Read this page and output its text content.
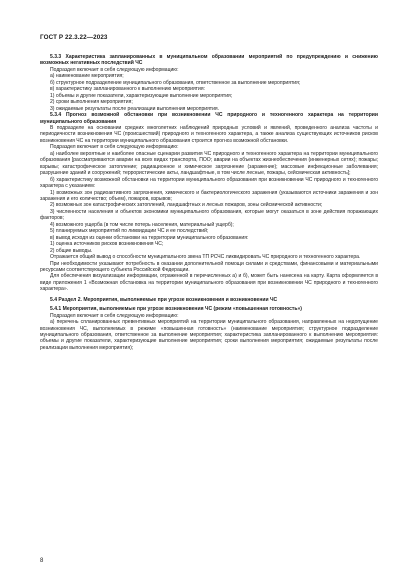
ГОСТ Р 22.3.22—2023

5.3.3 Характеристика запланированных в муниципальном образовании мероприятий по предупреждению и снижению возможных негативных последствий ЧС

Подраздел включает в себя следующую информацию:

а) наименование мероприятия;

б) структурное подразделение муниципального образования, ответственное за выполнение мероприятия;

в) характеристику запланированного к выполнению мероприятия:

1) объемы и другие показатели, характеризующие выполнение мероприятия;

2) сроки выполнения мероприятия;

3) ожидаемые результаты после реализации выполнения мероприятия.

5.3.4 Прогноз возможной обстановки при возникновении ЧС природного и техногенного характера на территории муниципального образования

В подразделе на основании средних многолетних наблюдений природных условий и явлений, проведенного анализа частоты и периодичности возникновения ЧС (происшествий) природного и техногенного характера, а также анализа существующих источников рисков возникновения ЧС на территории муниципального образования строится прогноз возможной обстановки.

Подраздел включает в себя следующую информацию:

а) наиболее вероятные и наиболее опасные сценарии развития ЧС природного и техногенного характера на территории муниципального образования [рассматриваются аварии на всех видах транспорта, ПОО; аварии на объектах жизнеобеспечения (инженерных сетях); пожары; взрывы; катастрофическое затопление; радиационное и химическое загрязнение (заражение); массовые инфекционные заболевания; разрушение зданий и сооружений; террористические акты, ландшафтные, в том числе лесные, пожары, сейсмическая активность];

б) характеристику возможной обстановки на территории муниципального образования при возникновении ЧС природного и техногенного характера с указанием:

1) возможных зон радиоактивного загрязнения, химического и бактериологического заражения (указываются источники заражения и зон заражения и его количество; объем), пожаров, взрывов;

2) возможных зон катастрофических затоплений, ландшафтных и лесных пожаров, зоны сейсмической активности;

3) численности населения и объектов экономики муниципального образования, которые могут оказаться в зоне действия поражающих факторов;

4) возможного ущерба (в том числе потерь населения, материальный ущерб);

5) планируемых мероприятий по ликвидации ЧС и ее последствий;

в) вывод исходя из оценки обстановки на территории муниципального образования:

1) оценка источников рисков возникновения ЧС;

2) общие выводы.

Отражается общий вывод о способности муниципального звена ТП РСЧС ликвидировать ЧС природного и техногенного характера.

При необходимости указывают потребность в оказании дополнительной помощи силами и средствами, финансовыми и материальными ресурсами соответствующего субъекта Российской Федерации.

Для обеспечения визуализации информации, отраженной в перечисленных а) и б), может быть нанесена на карту. Карта оформляется в виде приложения 1 «Возможная обстановка на территории муниципального образования при возникновении ЧС природного и техногенного характера».

5.4 Раздел 2. Мероприятия, выполняемые при угрозе возникновения и возникновении ЧС

5.4.1 Мероприятия, выполняемые при угрозе возникновения ЧС (режим «повышенная готовность»)

Подраздел включает в себя следующую информацию:

а) перечень спланированных превентивных мероприятий на территории муниципального образования, направленных на недопущение возникновения ЧС, выполняемых в режиме «повышенная готовность» (наименование мероприятия; структурное подразделение муниципального образования, ответственное за выполнение мероприятия; характеристика запланированного к выполнению мероприятия: объемы и другие показатели, характеризующие выполнение мероприятия; сроки выполнения мероприятия; ожидаемые результаты после реализации выполнения мероприятия);

8
